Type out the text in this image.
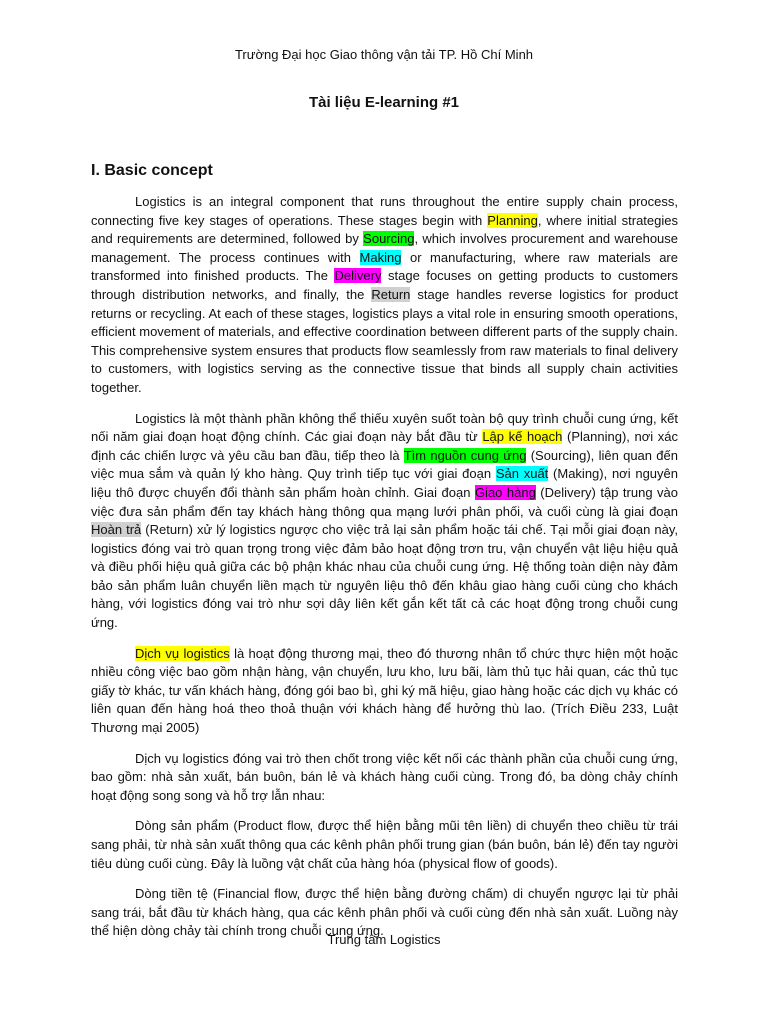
Trường Đại học Giao thông vận tải TP. Hồ Chí Minh
Tài liệu E-learning #1
I. Basic concept

Logistics is an integral component that runs throughout the entire supply chain process, connecting five key stages of operations. These stages begin with Planning, where initial strategies and requirements are determined, followed by Sourcing, which involves procurement and warehouse management. The process continues with Making or manufacturing, where raw materials are transformed into finished products. The Delivery stage focuses on getting products to customers through distribution networks, and finally, the Return stage handles reverse logistics for product returns or recycling. At each of these stages, logistics plays a vital role in ensuring smooth operations, efficient movement of materials, and effective coordination between different parts of the supply chain. This comprehensive system ensures that products flow seamlessly from raw materials to final delivery to customers, with logistics serving as the connective tissue that binds all supply chain activities together.

Logistics là một thành phần không thể thiếu xuyên suốt toàn bộ quy trình chuỗi cung ứng, kết nối năm giai đoạn hoạt động chính. Các giai đoạn này bắt đầu từ Lập kế hoạch (Planning), nơi xác định các chiến lược và yêu cầu ban đầu, tiếp theo là Tìm nguồn cung ứng (Sourcing), liên quan đến việc mua sắm và quản lý kho hàng. Quy trình tiếp tục với giai đoạn Sản xuất (Making), nơi nguyên liệu thô được chuyển đổi thành sản phẩm hoàn chỉnh. Giai đoạn Giao hàng (Delivery) tập trung vào việc đưa sản phẩm đến tay khách hàng thông qua mạng lưới phân phối, và cuối cùng là giai đoạn Hoàn trả (Return) xử lý logistics ngược cho việc trả lại sản phẩm hoặc tái chế. Tại mỗi giai đoạn này, logistics đóng vai trò quan trọng trong việc đảm bảo hoạt động trơn tru, vận chuyển vật liệu hiệu quả và điều phối hiệu quả giữa các bộ phận khác nhau của chuỗi cung ứng. Hệ thống toàn diện này đảm bảo sản phẩm luân chuyển liền mạch từ nguyên liệu thô đến khâu giao hàng cuối cùng cho khách hàng, với logistics đóng vai trò như sợi dây liên kết gắn kết tất cả các hoạt động trong chuỗi cung ứng.

Dịch vụ logistics là hoạt động thương mại, theo đó thương nhân tổ chức thực hiện một hoặc nhiều công việc bao gồm nhận hàng, vận chuyển, lưu kho, lưu bãi, làm thủ tục hải quan, các thủ tục giấy tờ khác, tư vấn khách hàng, đóng gói bao bì, ghi ký mã hiệu, giao hàng hoặc các dịch vụ khác có liên quan đến hàng hoá theo thoả thuận với khách hàng để hưởng thù lao. (Trích Điều 233, Luật Thương mại 2005)

Dịch vụ logistics đóng vai trò then chốt trong việc kết nối các thành phần của chuỗi cung ứng, bao gồm: nhà sản xuất, bán buôn, bán lẻ và khách hàng cuối cùng. Trong đó, ba dòng chảy chính hoạt động song song và hỗ trợ lẫn nhau:

Dòng sản phẩm (Product flow, được thể hiện bằng mũi tên liền) di chuyển theo chiều từ trái sang phải, từ nhà sản xuất thông qua các kênh phân phối trung gian (bán buôn, bán lẻ) đến tay người tiêu dùng cuối cùng. Đây là luồng vật chất của hàng hóa (physical flow of goods).

Dòng tiền tệ (Financial flow, được thể hiện bằng đường chấm) di chuyển ngược lại từ phải sang trái, bắt đầu từ khách hàng, qua các kênh phân phối và cuối cùng đến nhà sản xuất. Luồng này thể hiện dòng chảy tài chính trong chuỗi cung ứng.

Trung tâm Logistics
